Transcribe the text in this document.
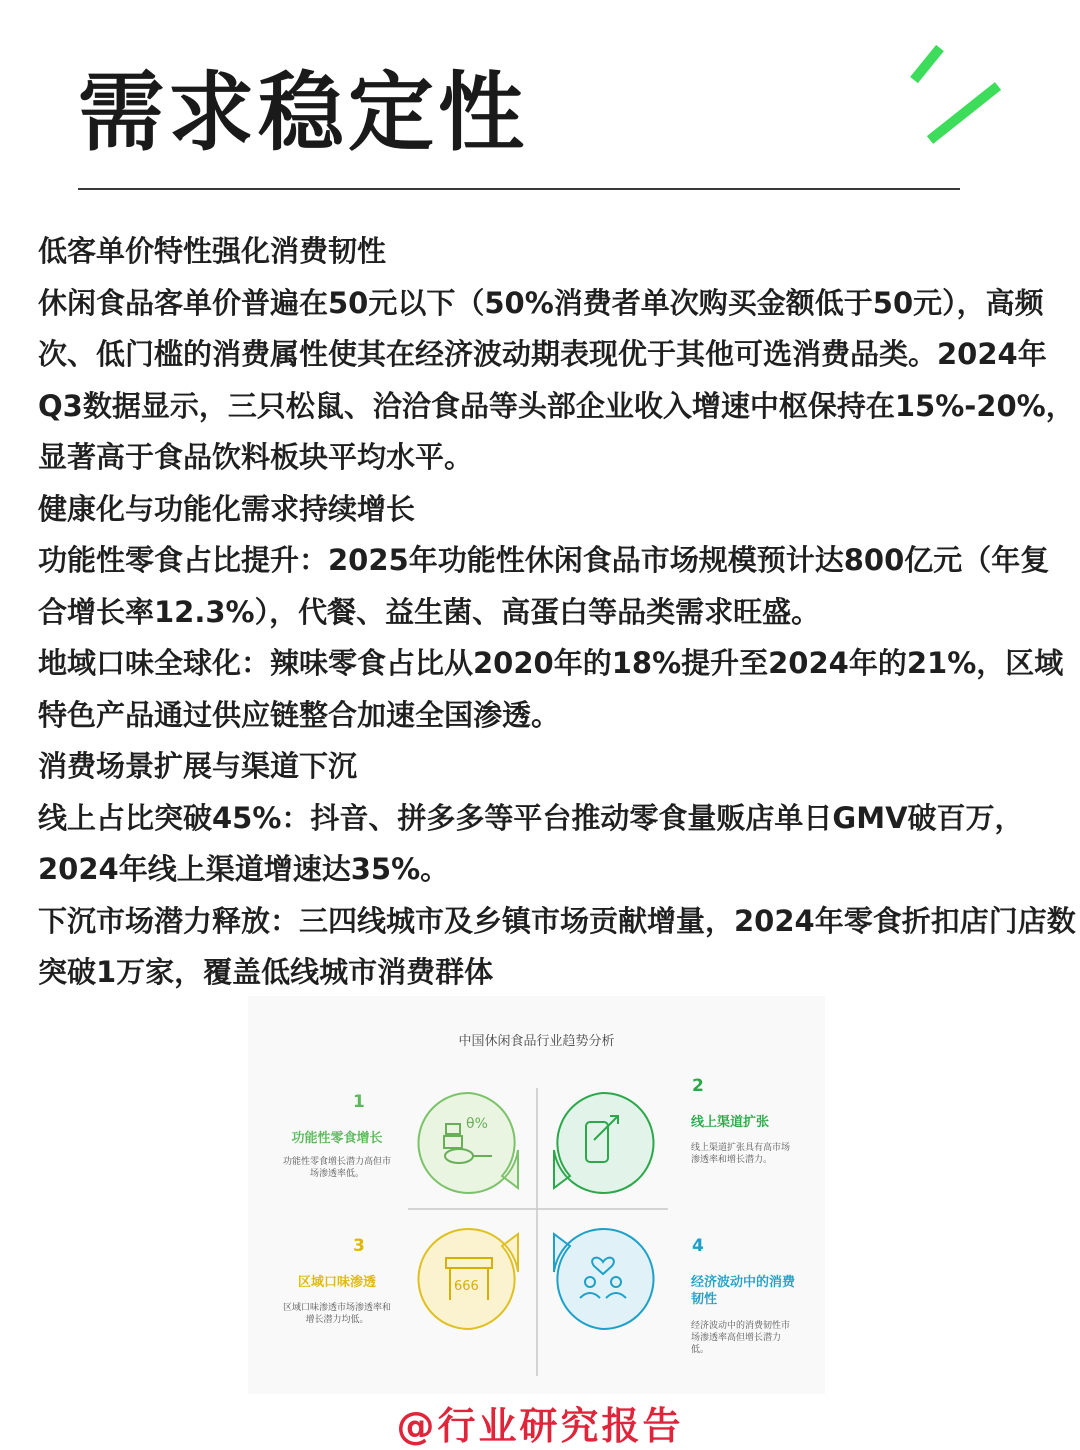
需求稳定性

低客单价特性强化消费韧性

休闲食品客单价普遍在50元以下（50%消费者单次购买金额低于50元），高频次、低门槛的消费属性使其在经济波动期表现优于其他可选消费品类。2024年Q3数据显示，三只松鼠、洽洽食品等头部企业收入增速中枢保持在15%-20%，显著高于食品饮料板块平均水平。

健康化与功能化需求持续增长

功能性零食占比提升：2025年功能性休闲食品市场规模预计达800亿元（年复合增长率12.3%），代餐、益生菌、高蛋白等品类需求旺盛。

地域口味全球化：辣味零食占比从2020年的18%提升至2024年的21%，区域特色产品通过供应链整合加速全国渗透。

消费场景扩展与渠道下沉

线上占比突破45%：抖音、拼多多等平台推动零食量贩店单日GMV破百万，2024年线上渠道增速达35%。

下沉市场潜力释放：三四线城市及乡镇市场贡献增量，2024年零食折扣店门店数突破1万家，覆盖低线城市消费群体

中国休闲食品行业趋势分析
1
功能性零食增长
功能性零食增长潜力高但市场渗透率低。
θ%
2
线上渠道扩张
线上渠道扩张具有高市场渗透率和增长潜力。
3
区域口味渗透
区域口味渗透市场渗透率和增长潜力均低。
666
4
经济波动中的消费韧性
经济波动中的消费韧性市场渗透率高但增长潜力低。
@行业研究报告
